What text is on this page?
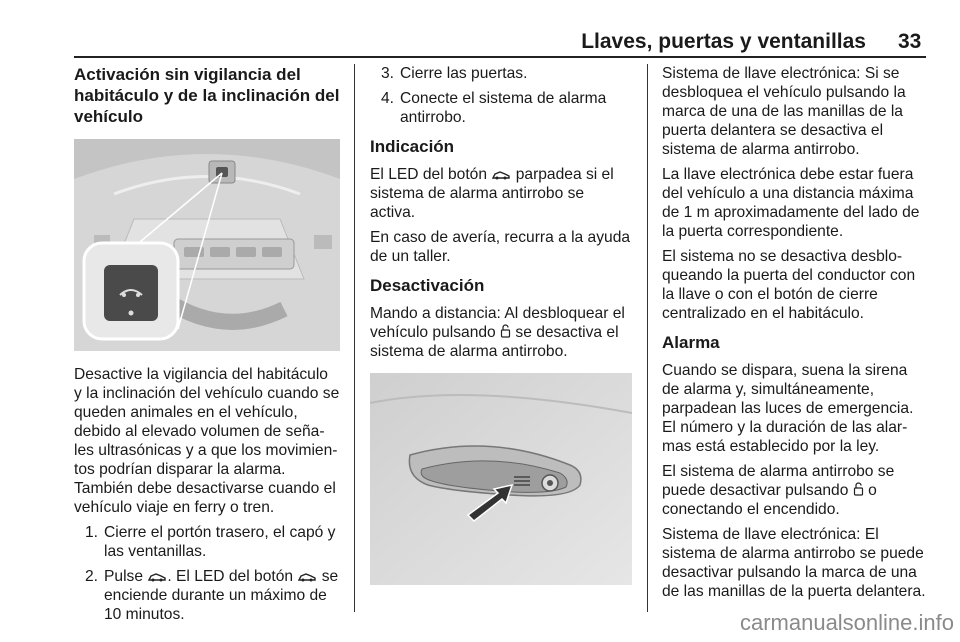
Llaves, puertas y ventanillas 33
Activación sin vigilancia del habitáculo y de la inclinación del vehículo

Desactive la vigilancia del habitáculo y la inclinación del vehículo cuando se queden animales en el vehículo, debido al elevado volumen de seña-les ultrasónicas y a que los movimien-tos podrían disparar la alarma. También debe desactivarse cuando el vehículo viaje en ferry o tren.

1. Cierre el portón trasero, el capó y las ventanillas.
2. Pulse . El LED del botón se enciende durante un máximo de 10 minutos.
3. Cierre las puertas.
4. Conecte el sistema de alarma antirrobo.
Indicación

El LED del botón parpadea si el sistema de alarma antirrobo se activa.

En caso de avería, recurra a la ayuda de un taller.

Desactivación

Mando a distancia: Al desbloquear el vehículo pulsando se desactiva el sistema de alarma antirrobo.

Sistema de llave electrónica: Si se desbloquea el vehículo pulsando la marca de una de las manillas de la puerta delantera se desactiva el sistema de alarma antirrobo.

La llave electrónica debe estar fuera del vehículo a una distancia máxima de 1 m aproximadamente del lado de la puerta correspondiente.

El sistema no se desactiva desblo-queando la puerta del conductor con la llave o con el botón de cierre centralizado en el habitáculo.

Alarma

Cuando se dispara, suena la sirena de alarma y, simultáneamente, parpadean las luces de emergencia. El número y la duración de las alar-mas está establecido por la ley.

El sistema de alarma antirrobo se puede desactivar pulsando o conectando el encendido.

Sistema de llave electrónica: El sistema de alarma antirrobo se puede desactivar pulsando la marca de una de las manillas de la puerta delantera.

carmanualsonline.info
